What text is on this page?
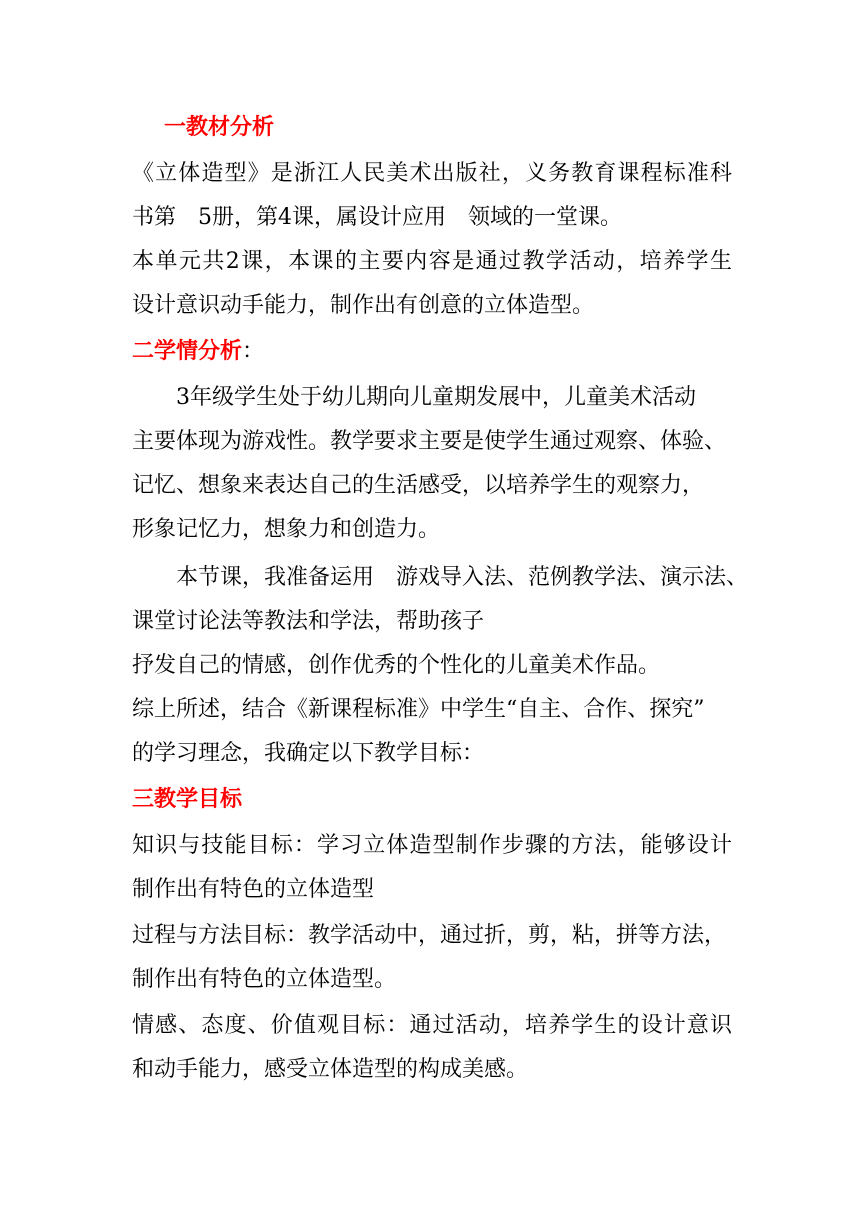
一教材分析

《立体造型》是浙江人民美术出版社，义务教育课程标准科

书第　5册，第4课，属设计应用　领域的一堂课。

本单元共2课，本课的主要内容是通过教学活动，培养学生

设计意识动手能力，制作出有创意的立体造型。

二学情分析：

3年级学生处于幼儿期向儿童期发展中，儿童美术活动

主要体现为游戏性。教学要求主要是使学生通过观察、体验、

记忆、想象来表达自己的生活感受，以培养学生的观察力，

形象记忆力，想象力和创造力。

本节课，我准备运用　游戏导入法、范例教学法、演示法、

课堂讨论法等教法和学法，帮助孩子

抒发自己的情感，创作优秀的个性化的儿童美术作品。

综上所述，结合《新课程标准》中学生“自主、合作、探究”

的学习理念，我确定以下教学目标：

三教学目标

知识与技能目标：学习立体造型制作步骤的方法，能够设计

制作出有特色的立体造型

过程与方法目标：教学活动中，通过折，剪，粘，拼等方法，

制作出有特色的立体造型。

情感、态度、价值观目标：通过活动，培养学生的设计意识

和动手能力，感受立体造型的构成美感。
